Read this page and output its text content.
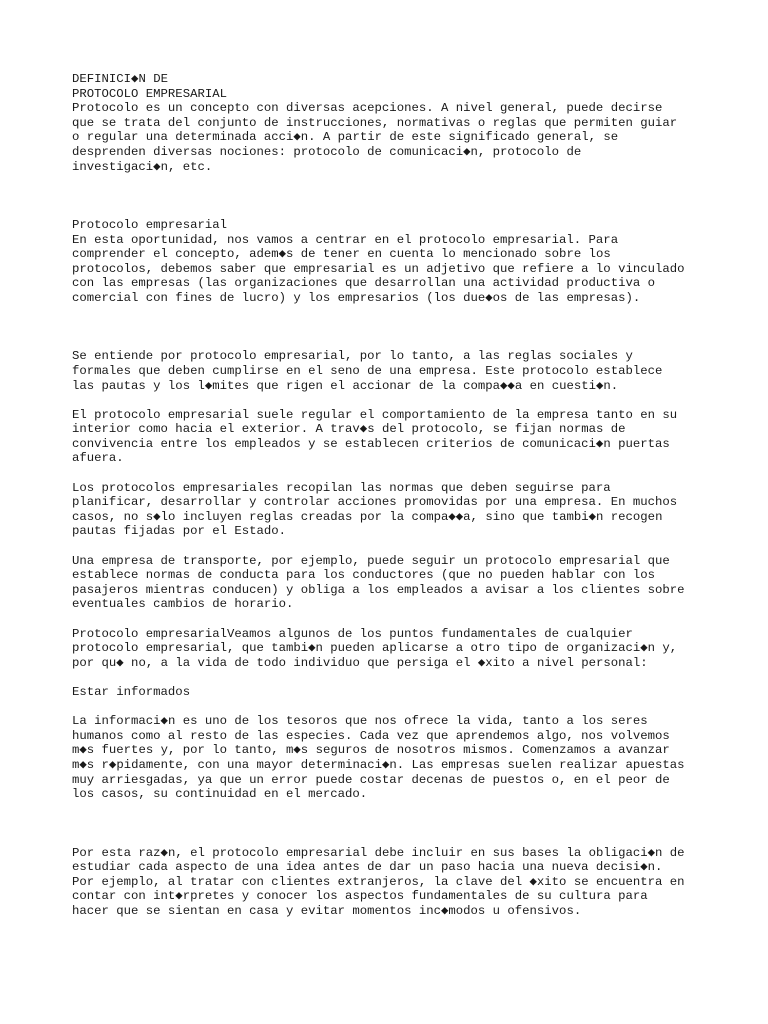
DEFINICI◆N DE
PROTOCOLO EMPRESARIAL

Protocolo es un concepto con diversas acepciones. A nivel general, puede decirse
que se trata del conjunto de instrucciones, normativas o reglas que permiten guiar
o regular una determinada acci◆n. A partir de este significado general, se
desprenden diversas nociones: protocolo de comunicaci◆n, protocolo de
investigaci◆n, etc.

Protocolo empresarial
En esta oportunidad, nos vamos a centrar en el protocolo empresarial. Para
comprender el concepto, adem◆s de tener en cuenta lo mencionado sobre los
protocolos, debemos saber que empresarial es un adjetivo que refiere a lo vinculado
con las empresas (las organizaciones que desarrollan una actividad productiva o
comercial con fines de lucro) y los empresarios (los due◆os de las empresas).

Se entiende por protocolo empresarial, por lo tanto, a las reglas sociales y
formales que deben cumplirse en el seno de una empresa. Este protocolo establece
las pautas y los l◆mites que rigen el accionar de la compa◆◆a en cuesti◆n.

El protocolo empresarial suele regular el comportamiento de la empresa tanto en su
interior como hacia el exterior. A trav◆s del protocolo, se fijan normas de
convivencia entre los empleados y se establecen criterios de comunicaci◆n puertas
afuera.

Los protocolos empresariales recopilan las normas que deben seguirse para
planificar, desarrollar y controlar acciones promovidas por una empresa. En muchos
casos, no s◆lo incluyen reglas creadas por la compa◆◆a, sino que tambi◆n recogen
pautas fijadas por el Estado.

Una empresa de transporte, por ejemplo, puede seguir un protocolo empresarial que
establece normas de conducta para los conductores (que no pueden hablar con los
pasajeros mientras conducen) y obliga a los empleados a avisar a los clientes sobre
eventuales cambios de horario.

Protocolo empresarialVeamos algunos de los puntos fundamentales de cualquier
protocolo empresarial, que tambi◆n pueden aplicarse a otro tipo de organizaci◆n y,
por qu◆ no, a la vida de todo individuo que persiga el ◆xito a nivel personal:

Estar informados

La informaci◆n es uno de los tesoros que nos ofrece la vida, tanto a los seres
humanos como al resto de las especies. Cada vez que aprendemos algo, nos volvemos
m◆s fuertes y, por lo tanto, m◆s seguros de nosotros mismos. Comenzamos a avanzar
m◆s r◆pidamente, con una mayor determinaci◆n. Las empresas suelen realizar apuestas
muy arriesgadas, ya que un error puede costar decenas de puestos o, en el peor de
los casos, su continuidad en el mercado.

Por esta raz◆n, el protocolo empresarial debe incluir en sus bases la obligaci◆n de
estudiar cada aspecto de una idea antes de dar un paso hacia una nueva decisi◆n.
Por ejemplo, al tratar con clientes extranjeros, la clave del ◆xito se encuentra en
contar con int◆rpretes y conocer los aspectos fundamentales de su cultura para
hacer que se sientan en casa y evitar momentos inc◆modos u ofensivos.
